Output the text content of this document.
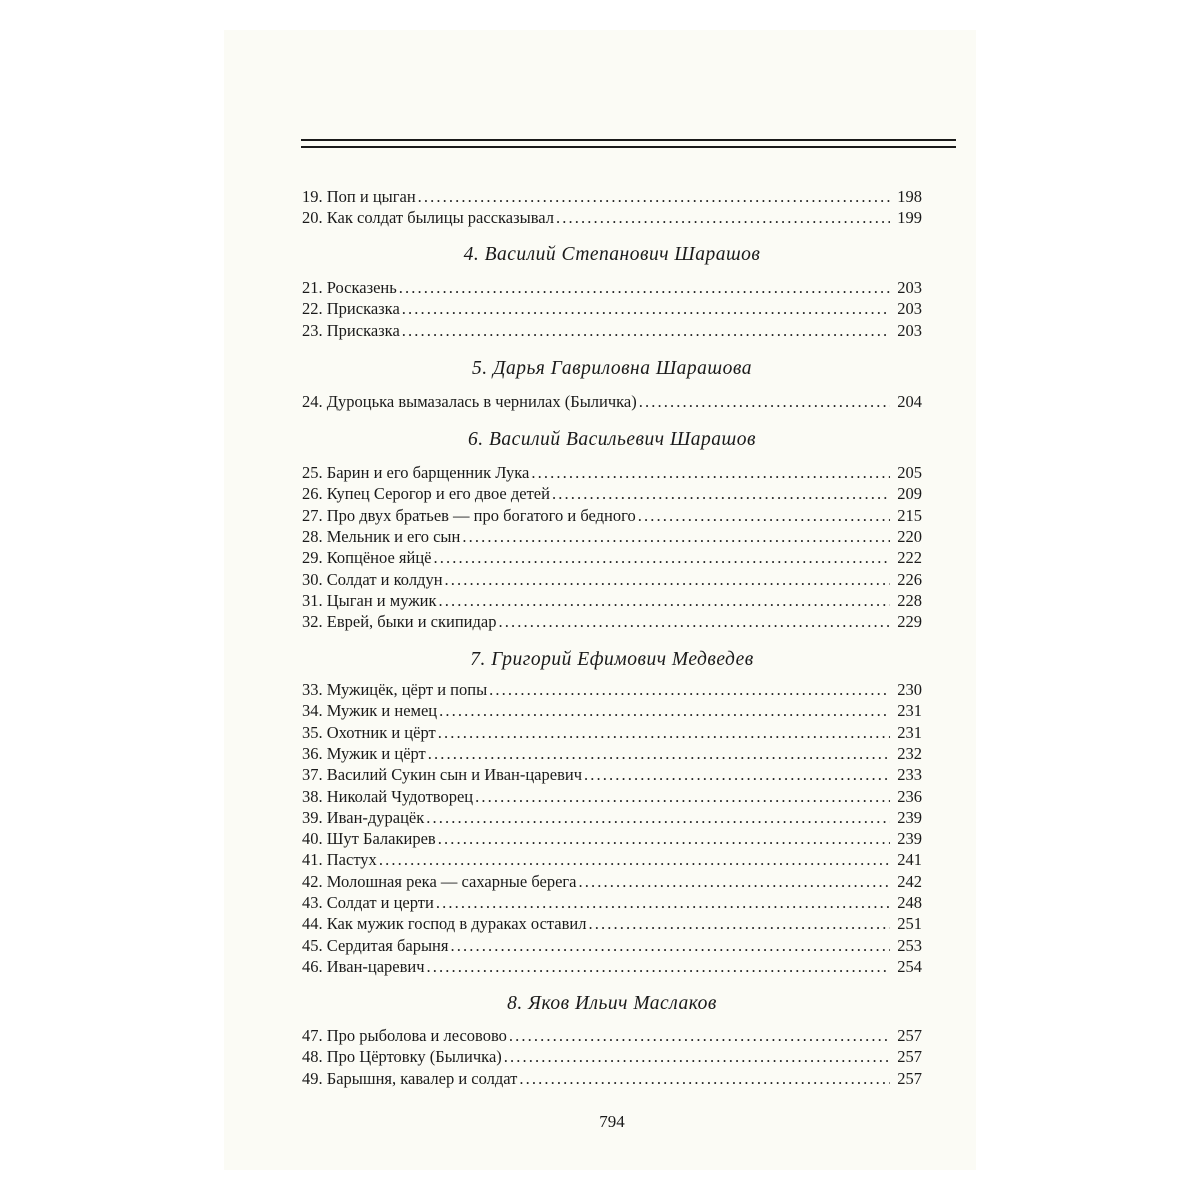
4. Василий Степанович Шарашов
5. Дарья Гавриловна Шарашова
6. Василий Васильевич Шарашов
7. Григорий Ефимович Медведев
8. Яков Ильич Маслаков
794
19. Поп и цыган . . .	198
20. Как солдат былицы рассказывал . . .	199
21. Росказень . . .	203
22. Присказка . . .	203
23. Присказка . . .	203
24. Дуроцька вымазалась в чернилах (Быличка) . . .	204
25. Барин и его барщенник Лука . . .	205
26. Купец Серогор и его двое детей . . .	209
27. Про двух братьев — про богатого и бедного . . .	215
28. Мельник и его сын . . .	220
29. Копцёное яйцё . . .	222
30. Солдат и колдун . . .	226
31. Цыган и мужик . . .	228
32. Еврей, быки и скипидар . . .	229
33. Мужицёк, цёрт и попы . . .	230
34. Мужик и немец . . .	231
35. Охотник и цёрт . . .	231
36. Мужик и цёрт . . .	232
37. Василий Сукин сын и Иван-царевич . . .	233
38. Николай Чудотворец . . .	236
39. Иван-дурацёк . . .	239
40. Шут Балакирев . . .	239
41. Пастух . . .	241
42. Молошная река — сахарные берега . . .	242
43. Солдат и церти . . .	248
44. Как мужик господ в дураках оставил . . .	251
45. Сердитая барыня . . .	253
46. Иван-царевич . . .	254
47. Про рыболова и лесовово . . .	257
48. Про Цёртовку (Быличка) . . .	257
49. Барышня, кавалер и солдат . . .	257
